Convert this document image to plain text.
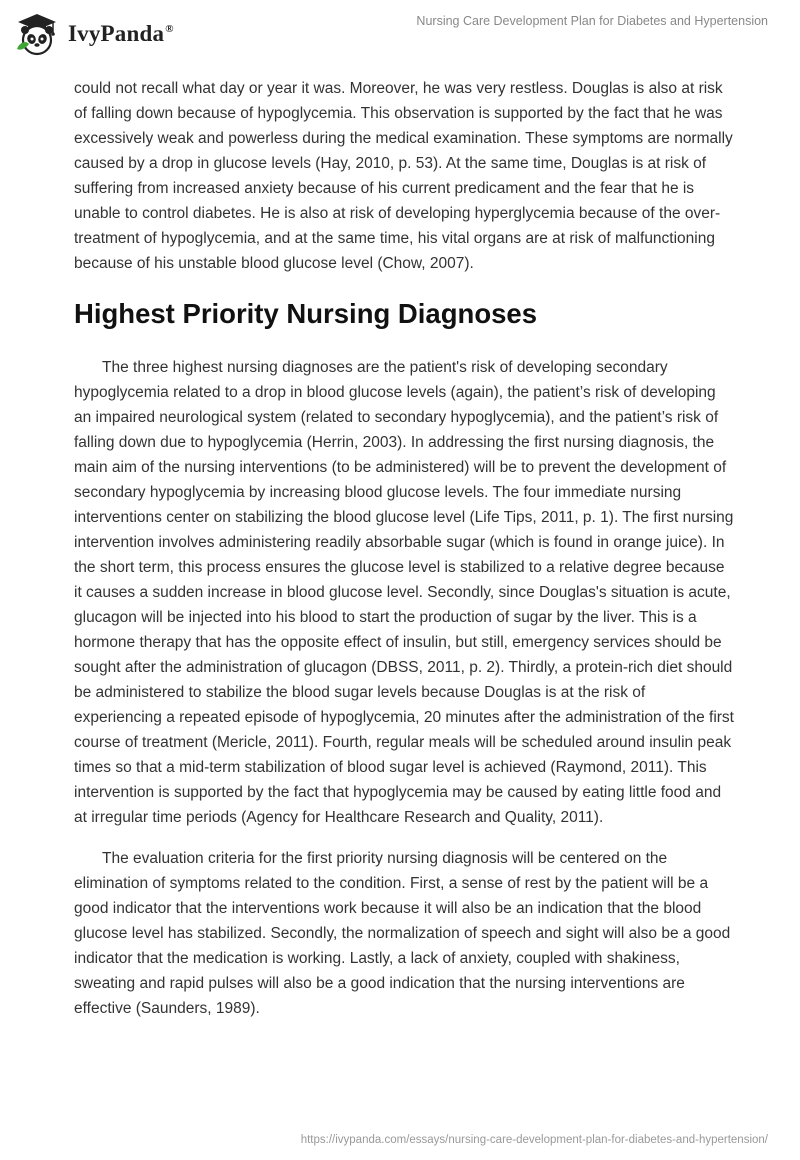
IvyPanda®
Nursing Care Development Plan for Diabetes and Hypertension

could not recall what day or year it was. Moreover, he was very restless. Douglas is also at risk of falling down because of hypoglycemia. This observation is supported by the fact that he was excessively weak and powerless during the medical examination. These symptoms are normally caused by a drop in glucose levels (Hay, 2010, p. 53). At the same time, Douglas is at risk of suffering from increased anxiety because of his current predicament and the fear that he is unable to control diabetes. He is also at risk of developing hyperglycemia because of the over-treatment of hypoglycemia, and at the same time, his vital organs are at risk of malfunctioning because of his unstable blood glucose level (Chow, 2007).

Highest Priority Nursing Diagnoses

The three highest nursing diagnoses are the patient's risk of developing secondary hypoglycemia related to a drop in blood glucose levels (again), the patient’s risk of developing an impaired neurological system (related to secondary hypoglycemia), and the patient’s risk of falling down due to hypoglycemia (Herrin, 2003). In addressing the first nursing diagnosis, the main aim of the nursing interventions (to be administered) will be to prevent the development of secondary hypoglycemia by increasing blood glucose levels. The four immediate nursing interventions center on stabilizing the blood glucose level (Life Tips, 2011, p. 1). The first nursing intervention involves administering readily absorbable sugar (which is found in orange juice). In the short term, this process ensures the glucose level is stabilized to a relative degree because it causes a sudden increase in blood glucose level. Secondly, since Douglas's situation is acute, glucagon will be injected into his blood to start the production of sugar by the liver. This is a hormone therapy that has the opposite effect of insulin, but still, emergency services should be sought after the administration of glucagon (DBSS, 2011, p. 2). Thirdly, a protein-rich diet should be administered to stabilize the blood sugar levels because Douglas is at the risk of experiencing a repeated episode of hypoglycemia, 20 minutes after the administration of the first course of treatment (Mericle, 2011). Fourth, regular meals will be scheduled around insulin peak times so that a mid-term stabilization of blood sugar level is achieved (Raymond, 2011). This intervention is supported by the fact that hypoglycemia may be caused by eating little food and at irregular time periods (Agency for Healthcare Research and Quality, 2011).

The evaluation criteria for the first priority nursing diagnosis will be centered on the elimination of symptoms related to the condition. First, a sense of rest by the patient will be a good indicator that the interventions work because it will also be an indication that the blood glucose level has stabilized. Secondly, the normalization of speech and sight will also be a good indicator that the medication is working. Lastly, a lack of anxiety, coupled with shakiness, sweating and rapid pulses will also be a good indication that the nursing interventions are effective (Saunders, 1989).

https://ivypanda.com/essays/nursing-care-development-plan-for-diabetes-and-hypertension/
